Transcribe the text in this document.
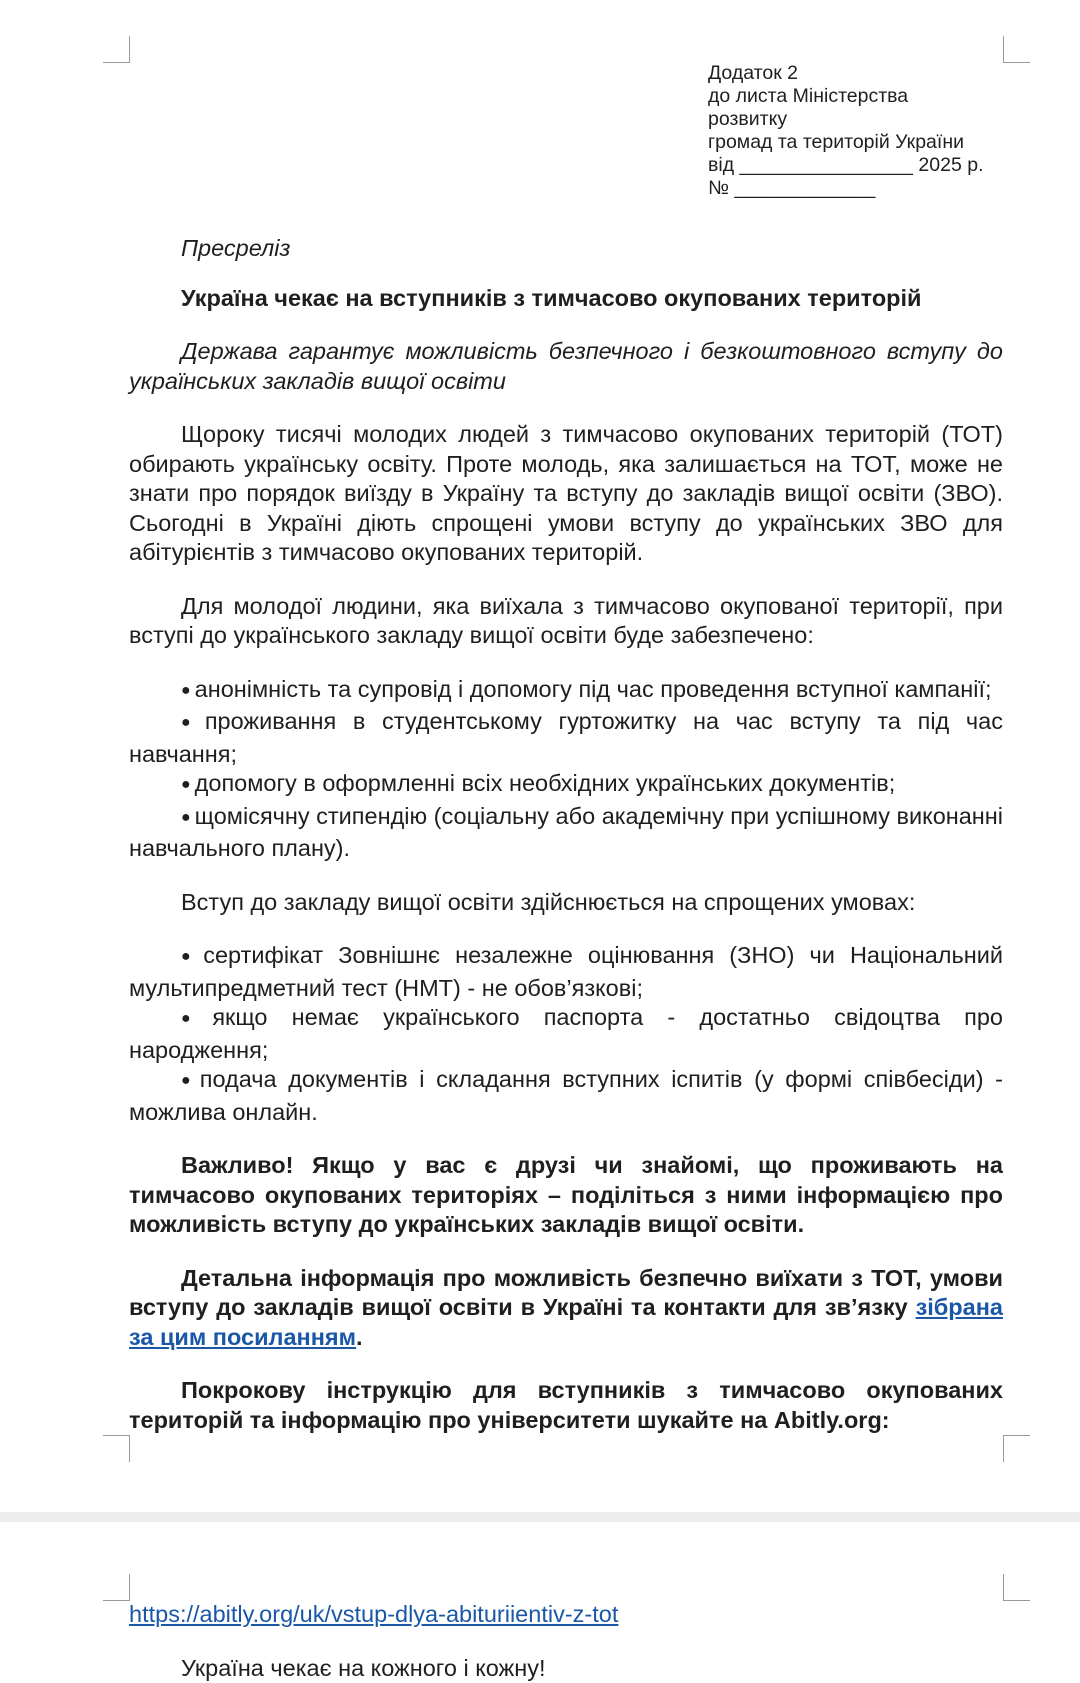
Додаток 2
до листа Міністерства
розвитку
громад та територій України
від ________________ 2025 р.
№ _____________

Пресреліз

Україна чекає на вступників з тимчасово окупованих територій

Держава гарантує можливість безпечного і безкоштовного вступу до українських закладів вищої освіти

Щороку тисячі молодих людей з тимчасово окупованих територій (ТОТ) обирають українську освіту. Проте молодь, яка залишається на ТОТ, може не знати про порядок виїзду в Україну та вступу до закладів вищої освіти (ЗВО). Сьогодні в Україні діють спрощені умови вступу до українських ЗВО для абітурієнтів з тимчасово окупованих територій.

Для молодої людини, яка виїхала з тимчасово окупованої території, при вступі до українського закладу вищої освіти буде забезпечено:

● анонімність та супровід і допомогу під час проведення вступної кампанії;
● проживання в студентському гуртожитку на час вступу та під час навчання;
● допомогу в оформленні всіх необхідних українських документів;
● щомісячну стипендію (соціальну або академічну при успішному виконанні навчального плану).

Вступ до закладу вищої освіти здійснюється на спрощених умовах:

● сертифікат Зовнішнє незалежне оцінювання (ЗНО) чи Національний мультипредметний тест (НМТ) - не обов’язкові;
● якщо немає українського паспорта - достатньо свідоцтва про народження;
● подача документів і складання вступних іспитів (у формі співбесіди) - можлива онлайн.

Важливо! Якщо у вас є друзі чи знайомі, що проживають на тимчасово окупованих територіях – поділіться з ними інформацією про можливість вступу до українських закладів вищої освіти.

Детальна інформація про можливість безпечно виїхати з ТОТ, умови вступу до закладів вищої освіти в Україні та контакти для зв’язку зібрана за цим посиланням.

Покрокову інструкцію для вступників з тимчасово окупованих територій та інформацію про університети шукайте на Abitly.org:

https://abitly.org/uk/vstup-dlya-abituriientiv-z-tot

Україна чекає на кожного і кожну!
